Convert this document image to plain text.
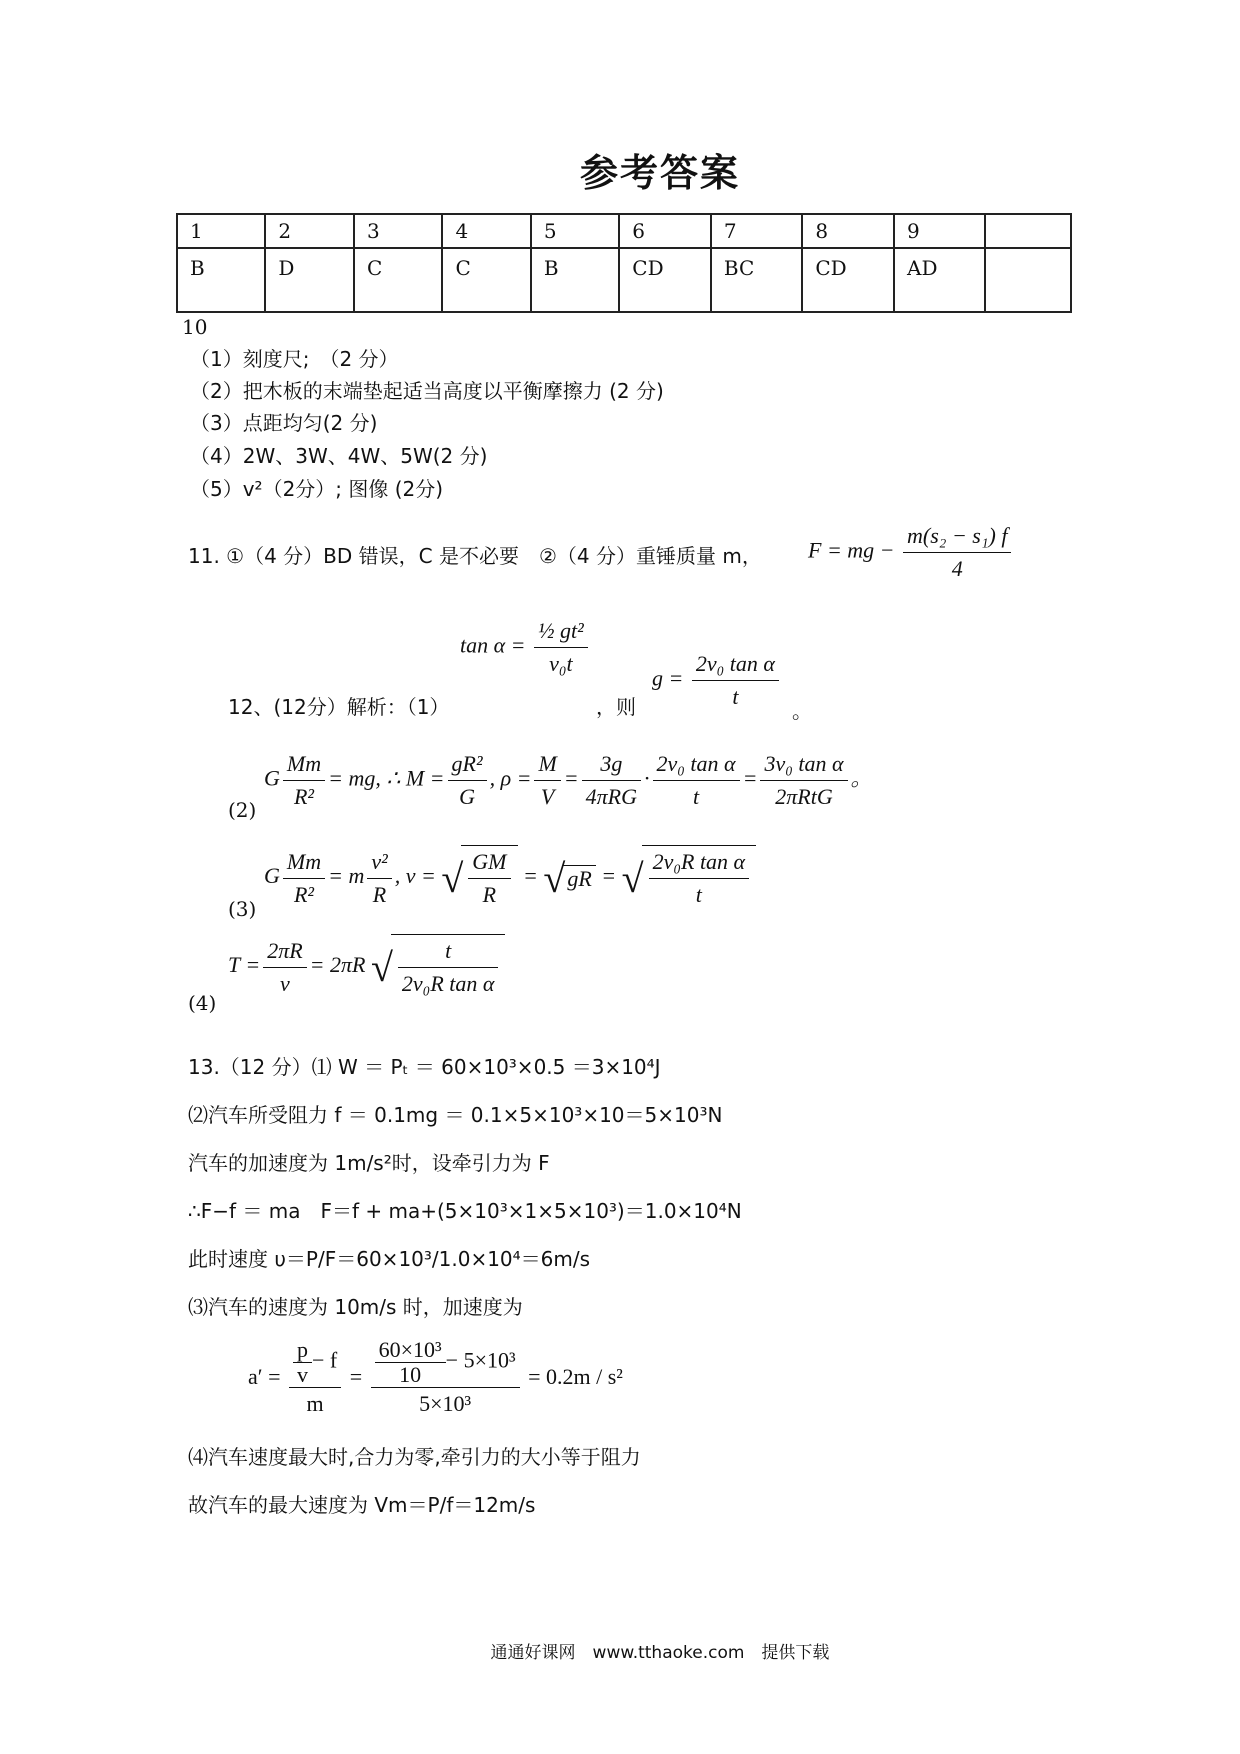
参考答案
1	2	3	4	5	6	7	8	9	
B	D	C	C	B	CD	BC	CD	AD	
10
（1）刻度尺;　（2 分）
（2）把木板的末端垫起适当高度以平衡摩擦力 (2 分)
（3）点距均匀(2 分)
（4）2W、3W、4W、5W(2 分)
（5）v²（2分）; 图像 (2分)
11. ①（4 分）BD 错误，C 是不必要　②（4 分）重锤质量 m， F = mg − $\frac{\text{m(s₂ − s₁) f}}{4}$
$\tan \alpha = \frac{\text{½ gt²}}{\text{v₀t}}$
12、(12分）解析：（1）	，则
$g = \frac{\text{2v₀ tan α}}{t}$ 。
(2)
G $\frac{Mm}{\text{R²}}$ = mg, ∴ $M = \frac{\text{gR²}}{G}$ , $\rho = \frac{M}{V} = \frac{3g}{\text{4πRG}} \cdot \frac{\text{2v₀ tan α}}{t} = \frac{\text{3v₀ tan α}}{\text{2πRtG}}$ 。
(3)
G $\frac{Mm}{\text{R²}} = m \frac{\text{v²}}{R}$ , v = √ $\frac{GM}{R} = √gR$ = √ $\frac{\text{2v₀R tan α}}{t}$
(4)
$T = \frac{2\pi R}{v} = 2\pi R$ √ $\frac{t}{\text{2v₀R tan α}}$
13.（12 分）⑴ W ＝ Pₜ ＝ 60×10³×0.5 ＝3×10⁴J
⑵汽车所受阻力 f ＝ 0.1mg ＝ 0.1×5×10³×10＝5×10³N
汽车的加速度为 1m/s²时，设牵引力为 F
∴F−f ＝ ma　F＝f + ma+(5×10³×1×5×10³)＝1.0×10⁴N
此时速度 υ＝P/F＝60×10³/1.0×10⁴＝6m/s
⑶汽车的速度为 10m/s 时，加速度为
$a' = \frac{\frac{p}{v} - f}{m} = \frac{\frac{\text{60×10³}}{10} - 5\times 10^3}{\text{5×10³}} = 0.2m / s^2$
⑷汽车速度最大时,合力为零,牵引力的大小等于阻力
故汽车的最大速度为 Vm＝P/f＝12m/s
通通好课网　www.tthaoke.com　提供下载
